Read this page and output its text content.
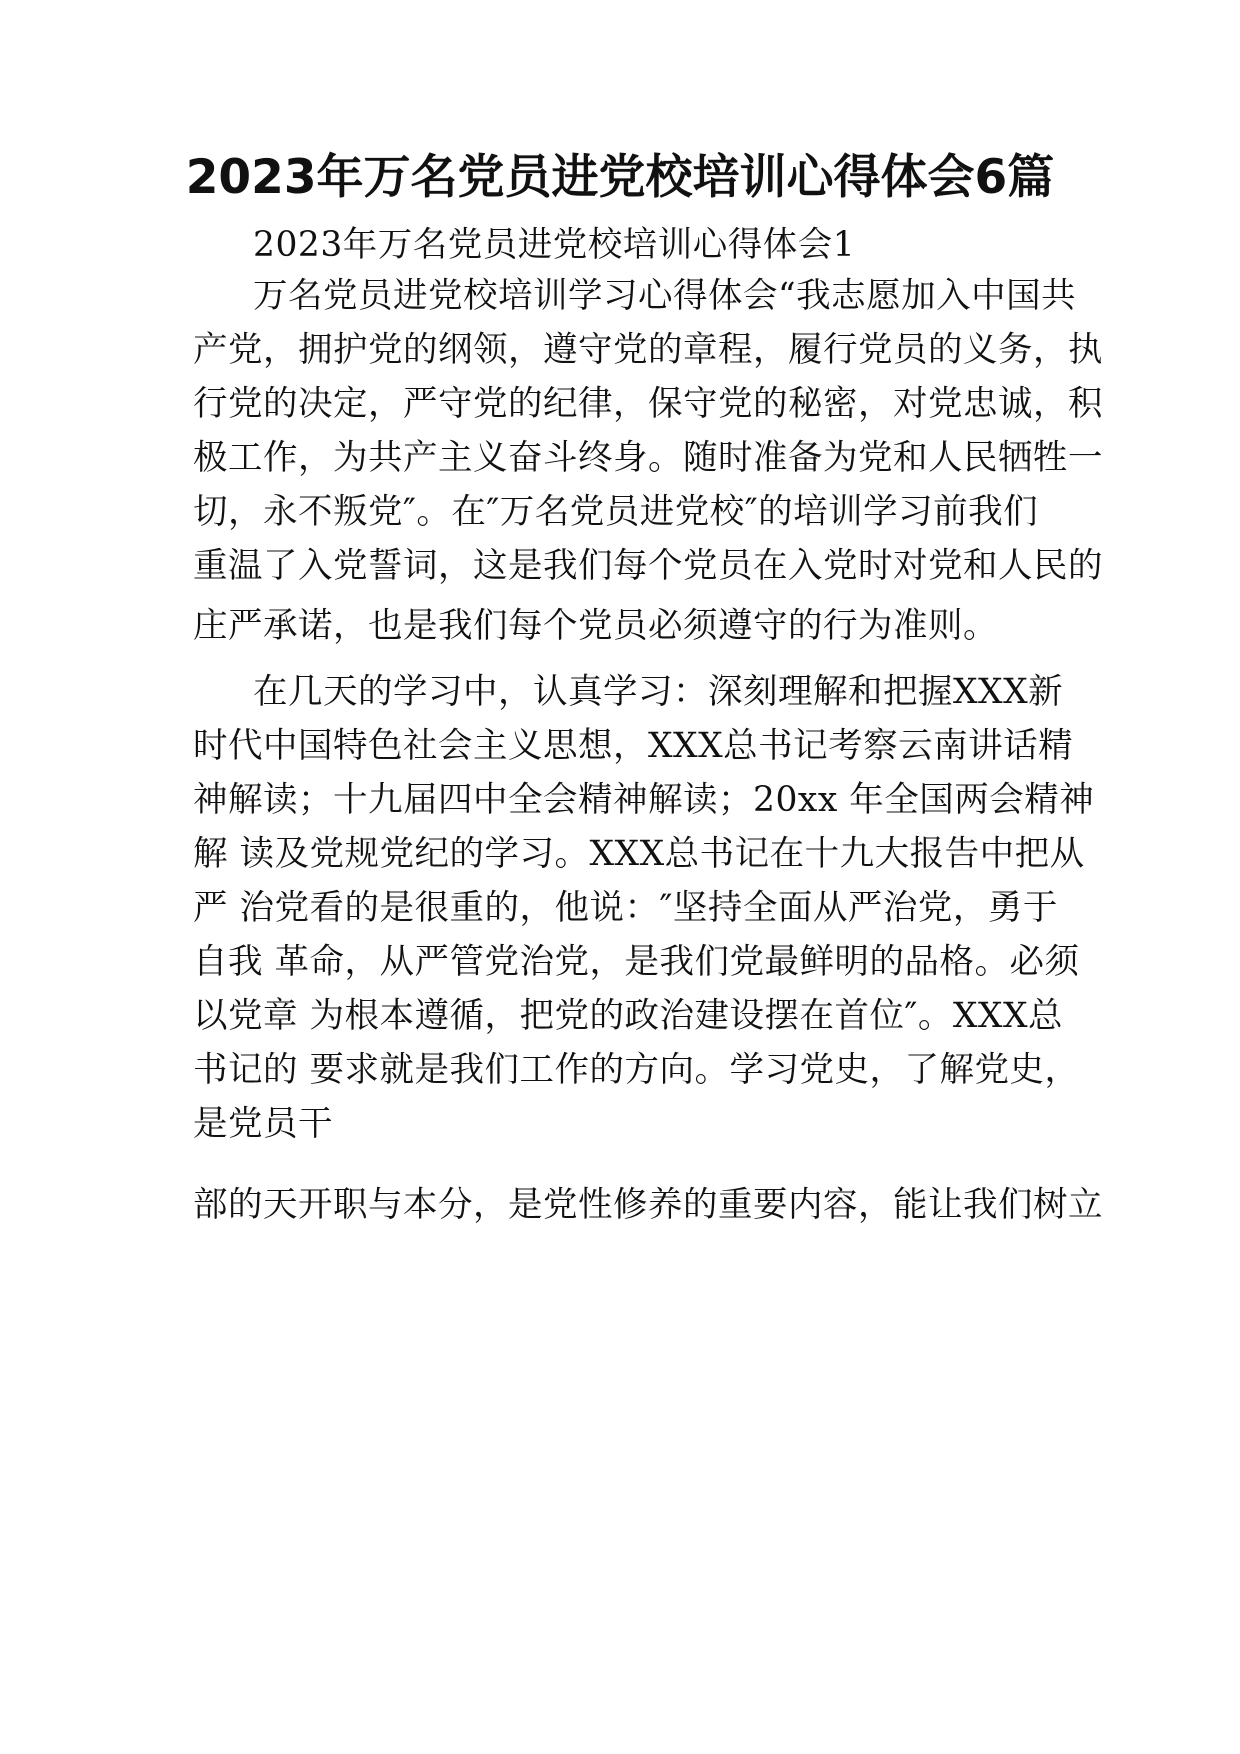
2023年万名党员进党校培训心得体会6篇
2023年万名党员进党校培训心得体会1
万名党员进党校培训学习心得体会“我志愿加入中国共
产党，拥护党的纲领，遵守党的章程，履行党员的义务，执
行党的决定，严守党的纪律，保守党的秘密，对党忠诚，积
极工作，为共产主义奋斗终身。随时准备为党和人民牺牲一
切，永不叛党″。在″万名党员进党校″的培训学习前我们
重温了入党誓词，这是我们每个党员在入党时对党和人民的
庄严承诺，也是我们每个党员必须遵守的行为准则。
在几天的学习中，认真学习：深刻理解和把握XXX新
时代中国特色社会主义思想，XXX总书记考察云南讲话精
神解读；十九届四中全会精神解读；20xx 年全国两会精神
解 读及党规党纪的学习。XXX总书记在十九大报告中把从
严 治党看的是很重的，他说：″坚持全面从严治党，勇于
自我 革命，从严管党治党，是我们党最鲜明的品格。必须
以党章 为根本遵循，把党的政治建设摆在首位″。XXX总
书记的 要求就是我们工作的方向。学习党史，了解党史，
是党员干
部的天开职与本分，是党性修养的重要内容，能让我们树立
